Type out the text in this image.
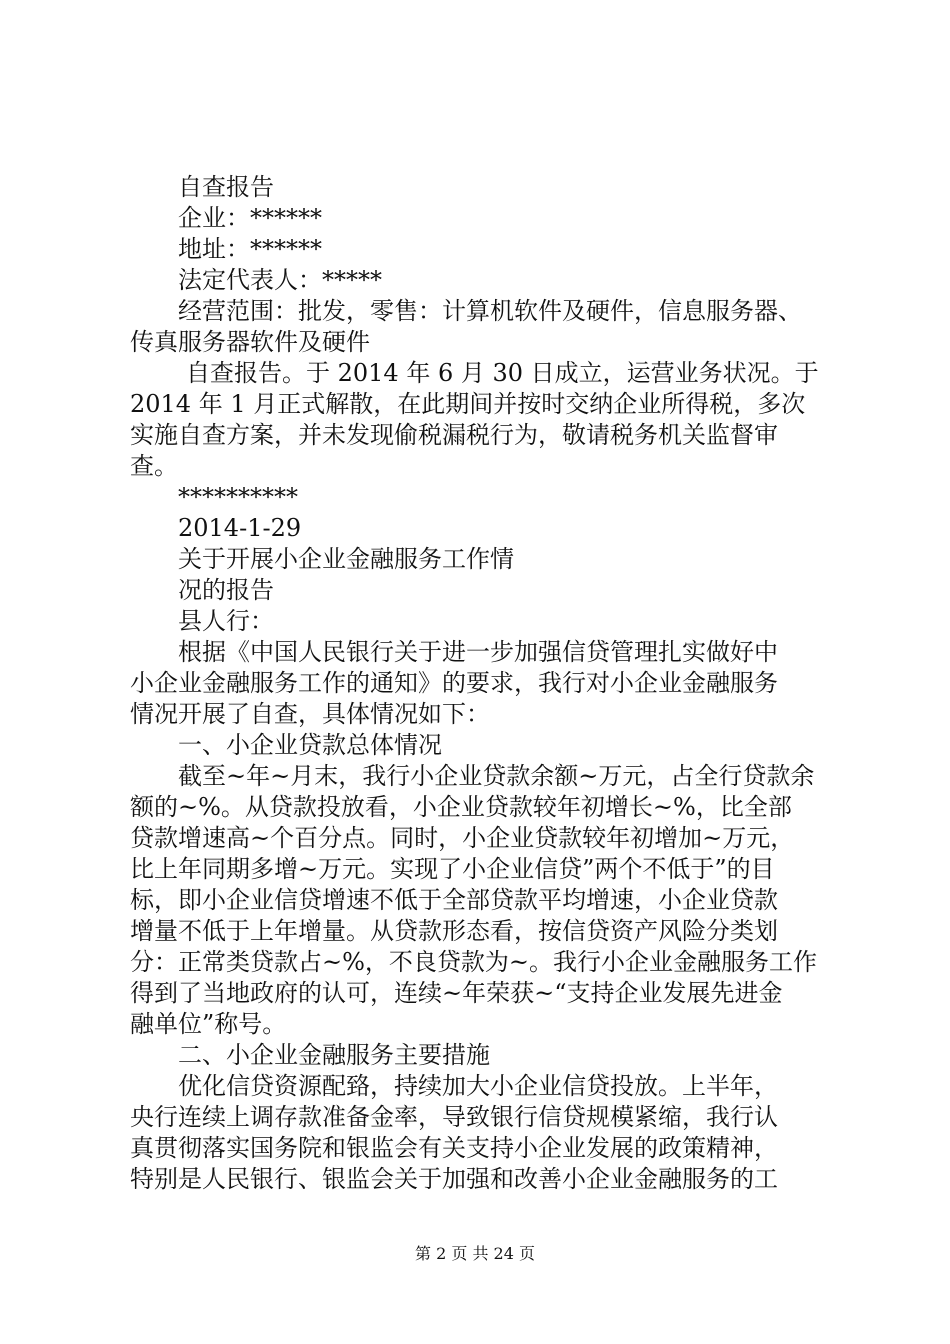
自查报告
企业：******
地址：******
法定代表人：*****
经营范围：批发，零售：计算机软件及硬件，信息服务器、
传真服务器软件及硬件
自查报告。于 2014 年 6 月 30 日成立，运营业务状况。于
2014 年 1 月正式解散，在此期间并按时交纳企业所得税，多次
实施自查方案，并未发现偷税漏税行为，敬请税务机关监督审
查。
**********
2014-1-29
关于开展小企业金融服务工作情
况的报告
县人行：
根据《中国人民银行关于进一步加强信贷管理扎实做好中
小企业金融服务工作的通知》的要求，我行对小企业金融服务
情况开展了自查，具体情况如下：
一、小企业贷款总体情况
截至~年~月末，我行小企业贷款余额~万元，占全行贷款余
额的~%。从贷款投放看，小企业贷款较年初增长~%，比全部
贷款增速高~个百分点。同时，小企业贷款较年初增加~万元，
比上年同期多增~万元。实现了小企业信贷”两个不低于”的目
标，即小企业信贷增速不低于全部贷款平均增速，小企业贷款
增量不低于上年增量。从贷款形态看，按信贷资产风险分类划
分：正常类贷款占~%，不良贷款为~。我行小企业金融服务工作
得到了当地政府的认可，连续~年荣获~“支持企业发展先进金
融单位”称号。
二、小企业金融服务主要措施
优化信贷资源配臵，持续加大小企业信贷投放。上半年，
央行连续上调存款准备金率，导致银行信贷规模紧缩，我行认
真贯彻落实国务院和银监会有关支持小企业发展的政策精神，
特别是人民银行、银监会关于加强和改善小企业金融服务的工
第 2 页 共 24 页
